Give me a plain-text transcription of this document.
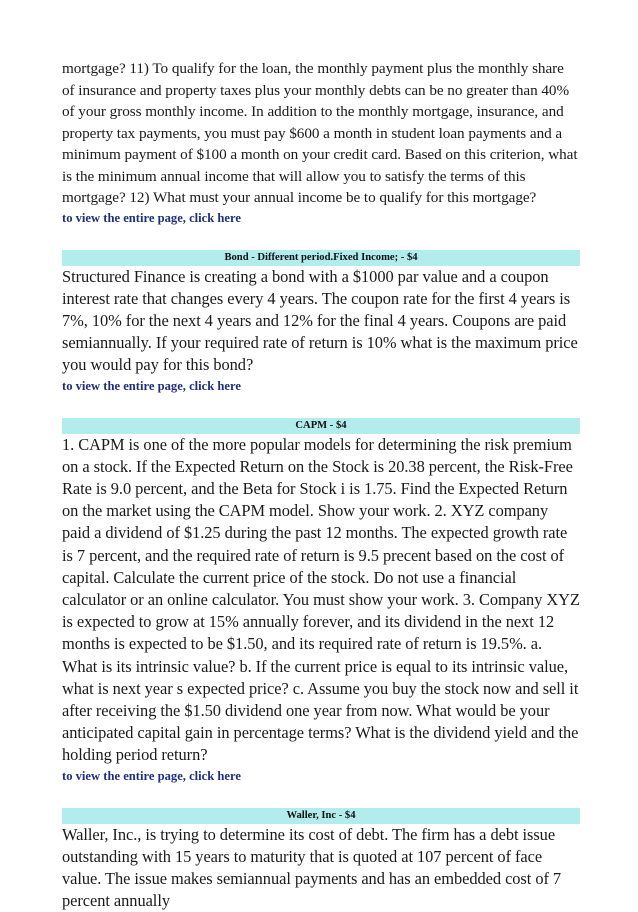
mortgage? 11) To qualify for the loan, the monthly payment plus the monthly share of insurance and property taxes plus your monthly debts can be no greater than 40% of your gross monthly income. In addition to the monthly mortgage, insurance, and property tax payments, you must pay $600 a month in student loan payments and a minimum payment of $100 a month on your credit card. Based on this criterion, what is the minimum annual income that will allow you to satisfy the terms of this mortgage? 12) What must your annual income be to qualify for this mortgage?

to view the entire page, click here
Bond - Different period.Fixed Income; - $4

Structured Finance is creating a bond with a $1000 par value and a coupon interest rate that changes every 4 years. The coupon rate for the first 4 years is 7%, 10% for the next 4 years and 12% for the final 4 years. Coupons are paid semiannually. If your required rate of return is 10% what is the maximum price you would pay for this bond?

to view the entire page, click here
CAPM - $4

1. CAPM is one of the more popular models for determining the risk premium on a stock. If the Expected Return on the Stock is 20.38 percent, the Risk-Free Rate is 9.0 percent, and the Beta for Stock i is 1.75. Find the Expected Return on the market using the CAPM model. Show your work. 2. XYZ company paid a dividend of $1.25 during the past 12 months. The expected growth rate is 7 percent, and the required rate of return is 9.5 precent based on the cost of capital. Calculate the current price of the stock. Do not use a financial calculator or an online calculator. You must show your work. 3. Company XYZ is expected to grow at 15% annually forever, and its dividend in the next 12 months is expected to be $1.50, and its required rate of return is 19.5%. a. What is its intrinsic value? b. If the current price is equal to its intrinsic value, what is next year s expected price? c. Assume you buy the stock now and sell it after receiving the $1.50 dividend one year from now. What would be your anticipated capital gain in percentage terms? What is the dividend yield and the holding period return?

to view the entire page, click here
Waller, Inc - $4

Waller, Inc., is trying to determine its cost of debt. The firm has a debt issue outstanding with 15 years to maturity that is quoted at 107 percent of face value. The issue makes semiannual payments and has an embedded cost of 7 percent annually
